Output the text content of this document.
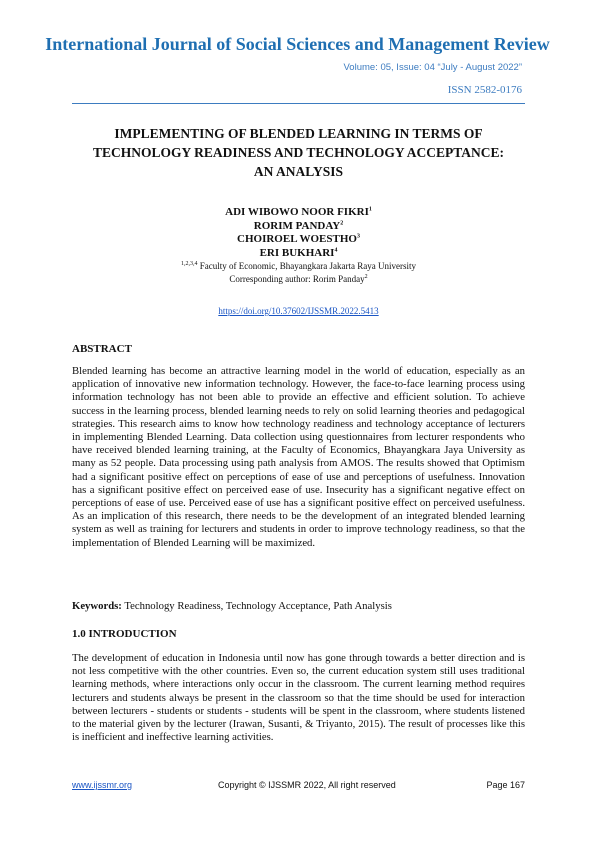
International Journal of Social Sciences and Management Review
Volume: 05, Issue: 04 “July - August 2022”
ISSN 2582-0176
IMPLEMENTING OF BLENDED LEARNING IN TERMS OF
TECHNOLOGY READINESS AND TECHNOLOGY ACCEPTANCE:
AN ANALYSIS
ADI WIBOWO NOOR FIKRI$^1$
RORIM PANDAY$^2$
CHOIROEL WOESTHO$^3$
ERI BUKHARI$^4$
$^{1,2,3,4}$ Faculty of Economic, Bhayangkara Jakarta Raya University
Corresponding author: Rorim Panday$^2$
https://doi.org/10.37602/IJSSMR.2022.5413
ABSTRACT
Blended learning has become an attractive learning model in the world of education, especially as an application of innovative new information technology. However, the face-to-face learning process using information technology has not been able to provide an effective and efficient solution. To achieve success in the learning process, blended learning needs to rely on solid learning theories and pedagogical strategies. This research aims to know how technology readiness and technology acceptance of lecturers in implementing Blended Learning. Data collection using questionnaires from lecturer respondents who have received blended learning training, at the Faculty of Economics, Bhayangkara Jaya University as many as 52 people. Data processing using path analysis from AMOS. The results showed that Optimism had a significant positive effect on perceptions of ease of use and perceptions of usefulness. Innovation has a significant positive effect on perceived ease of use. Insecurity has a significant negative effect on perceptions of ease of use. Perceived ease of use has a significant positive effect on perceived usefulness. As an implication of this research, there needs to be the development of an integrated blended learning system as well as training for lecturers and students in order to improve technology readiness, so that the implementation of Blended Learning will be maximized.
Keywords: Technology Readiness, Technology Acceptance, Path Analysis
1.0 INTRODUCTION
The development of education in Indonesia until now has gone through towards a better direction and is not less competitive with the other countries. Even so, the current education system still uses traditional learning methods, where interactions only occur in the classroom. The current learning method requires lecturers and students always be present in the classroom so that the time should be used for interaction between lecturers - students or students - students will be spent in the classroom, where students listened to the material given by the lecturer (Irawan, Susanti, & Triyanto, 2015). The result of processes like this is inefficient and ineffective learning activities.
www.ijssmr.org	Copyright © IJSSMR 2022, All right reserved	Page 167
